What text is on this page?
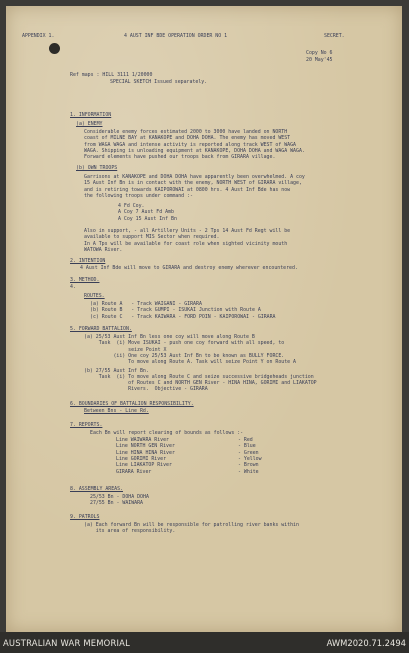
APPENDIX 1.	4 AUST INF BDE OPERATION ORDER NO 1	SECRET.
Copy No 6
20 May'45
Ref maps : HILL 3111 1/20000
SPECIAL SKETCH Issued separately.
1. INFORMATION
(a) ENEMY
Considerable enemy forces estimated 2000 to 3000 have landed on NORTH
coast of MILNE BAY at KANAKOPE and DOHA DOHA. The enemy has moved WEST
from WAGA WAGA and intense activity is reported along track WEST of WAGA
WAGA. Shipping is unloading equipment at KANAKOPE, DOHA DOHA and WAGA WAGA.
Forward elements have pushed our troops back from GIRARA village.
(b) OWN TROOPS
Garrisons at KANAKOPE and DOHA DOHA have apparently been overwhelmed. A coy
15 Aust Inf Bn is in contact with the enemy, NORTH WEST of GIRARA village,
and is retiring towards KAIPOROWAI at 0800 hrs. 4 Aust Inf Bde has now
the following troops under command :-
4 Fd Coy.
A Coy 7 Aust Fd Amb
A Coy 15 Aust Inf Bn
Also in support, - all Artillery Units - 2 Tps 14 Aust Fd Regt will be
available to support MIS Sector when required.
In A Tps will be available for coast role when sighted vicinity mouth
WATOWA River.
2. INTENTION
4 Aust Inf Bde will move to GIRARA and destroy enemy wherever encountered.
3. METHOD.
4.
ROUTES.
(a) Route A   - Track WAIGANI - GIRARA
(b) Route B   - Track GUMPI - ISUKAI Junction with Route A
(c) Route C   - Track KAIWARA - FORD POIN - KAIPOROWAI - GIRARA
5. FORWARD BATTALION.
(a) 25/53 Aust Inf Bn less one coy will move along Route B
Task  (i) Move ISUKAI - push one coy forward with all speed, to
seize Point X
(ii) One coy 25/53 Aust Inf Bn to be known as BULLY FORCE.
To move along Route A. Task will seize Point Y on Route A
(b) 27/55 Aust Inf Bn.
Task  (i) To move along Route C and seize successive bridgeheads junction
of Routes C and NORTH GEN River - HINA HINA, GORIMI and LIAKATOP
Rivers.  Objective - GIRARA
6. BOUNDARIES OF BATTALION RESPONSIBILITY.
Between Bns - Line Rd.
7. REPORTS.
Each Bn will report clearing of bounds as follows :-
Line WAIWARA River	- Red
Line NORTH GEN River	- Blue
Line HINA HINA River	- Green
Line GORIMI River	- Yellow
Line LIAKATOP River	- Brown
GIRARA River	- White
8. ASSEMBLY AREAS.
25/53 Bn - DOHA DOHA
27/55 Bn - WAIWARA
9. PATROLS
(a) Each forward Bn will be responsible for patrolling river banks within
its area of responsibility.
AUSTRALIAN WAR MEMORIAL	AWM2020.71.2494
